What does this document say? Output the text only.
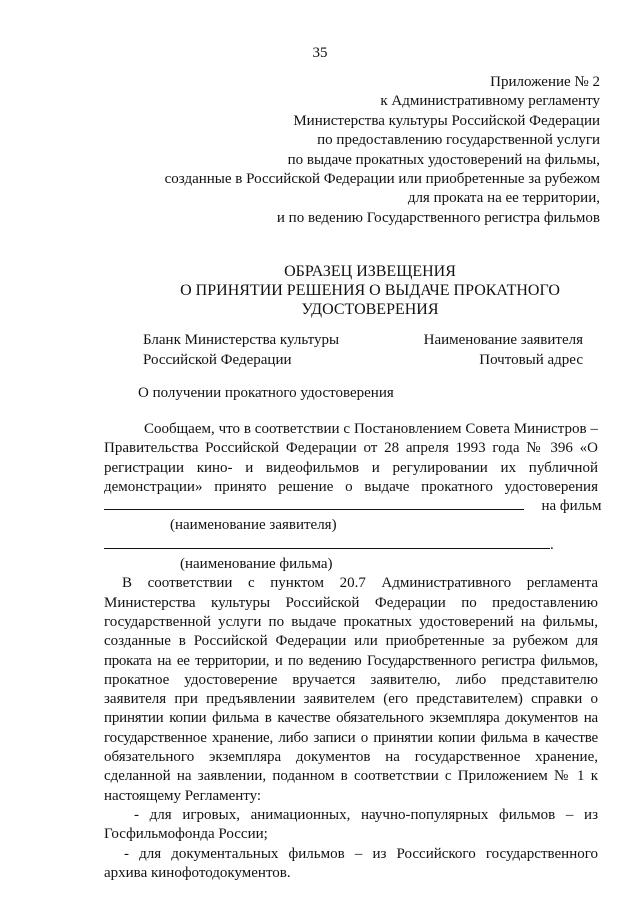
35
Приложение № 2
к Административному регламенту
Министерства культуры Российской Федерации
по предоставлению государственной услуги
по выдаче прокатных удостоверений на фильмы,
созданные в Российской Федерации или приобретенные за рубежом
для проката на ее территории,
и по ведению Государственного регистра фильмов
ОБРАЗЕЦ ИЗВЕЩЕНИЯ
О ПРИНЯТИИ РЕШЕНИЯ О ВЫДАЧЕ ПРОКАТНОГО
УДОСТОВЕРЕНИЯ
Бланк Министерства культуры
Российской Федерации
Наименование заявителя
Почтовый адрес
О получении прокатного удостоверения
Сообщаем, что в соответствии с Постановлением Совета Министров –
Правительства Российской Федерации от 28 апреля 1993 года № 396 «О
регистрации кино- и видеофильмов и регулировании их публичной
демонстрации» принято решение о выдаче прокатного удостоверения
на фильм
(наименование заявителя)
.
(наименование фильма)
В соответствии с пунктом 20.7 Административного регламента
Министерства культуры Российской Федерации по предоставлению
государственной услуги по выдаче прокатных удостоверений на фильмы,
созданные в Российской Федерации или приобретенные за рубежом для
проката на ее территории, и по ведению Государственного регистра фильмов,
прокатное удостоверение вручается заявителю, либо представителю
заявителя при предъявлении заявителем (его представителем) справки о
принятии копии фильма в качестве обязательного экземпляра документов на
государственное хранение, либо записи о принятии копии фильма в качестве
обязательного экземпляра документов на государственное хранение,
сделанной на заявлении, поданном в соответствии с Приложением № 1 к
настоящему Регламенту:
- для игровых, анимационных, научно-популярных фильмов – из
Госфильмофонда России;
- для документальных фильмов – из Российского государственного
архива кинофотодокументов.
